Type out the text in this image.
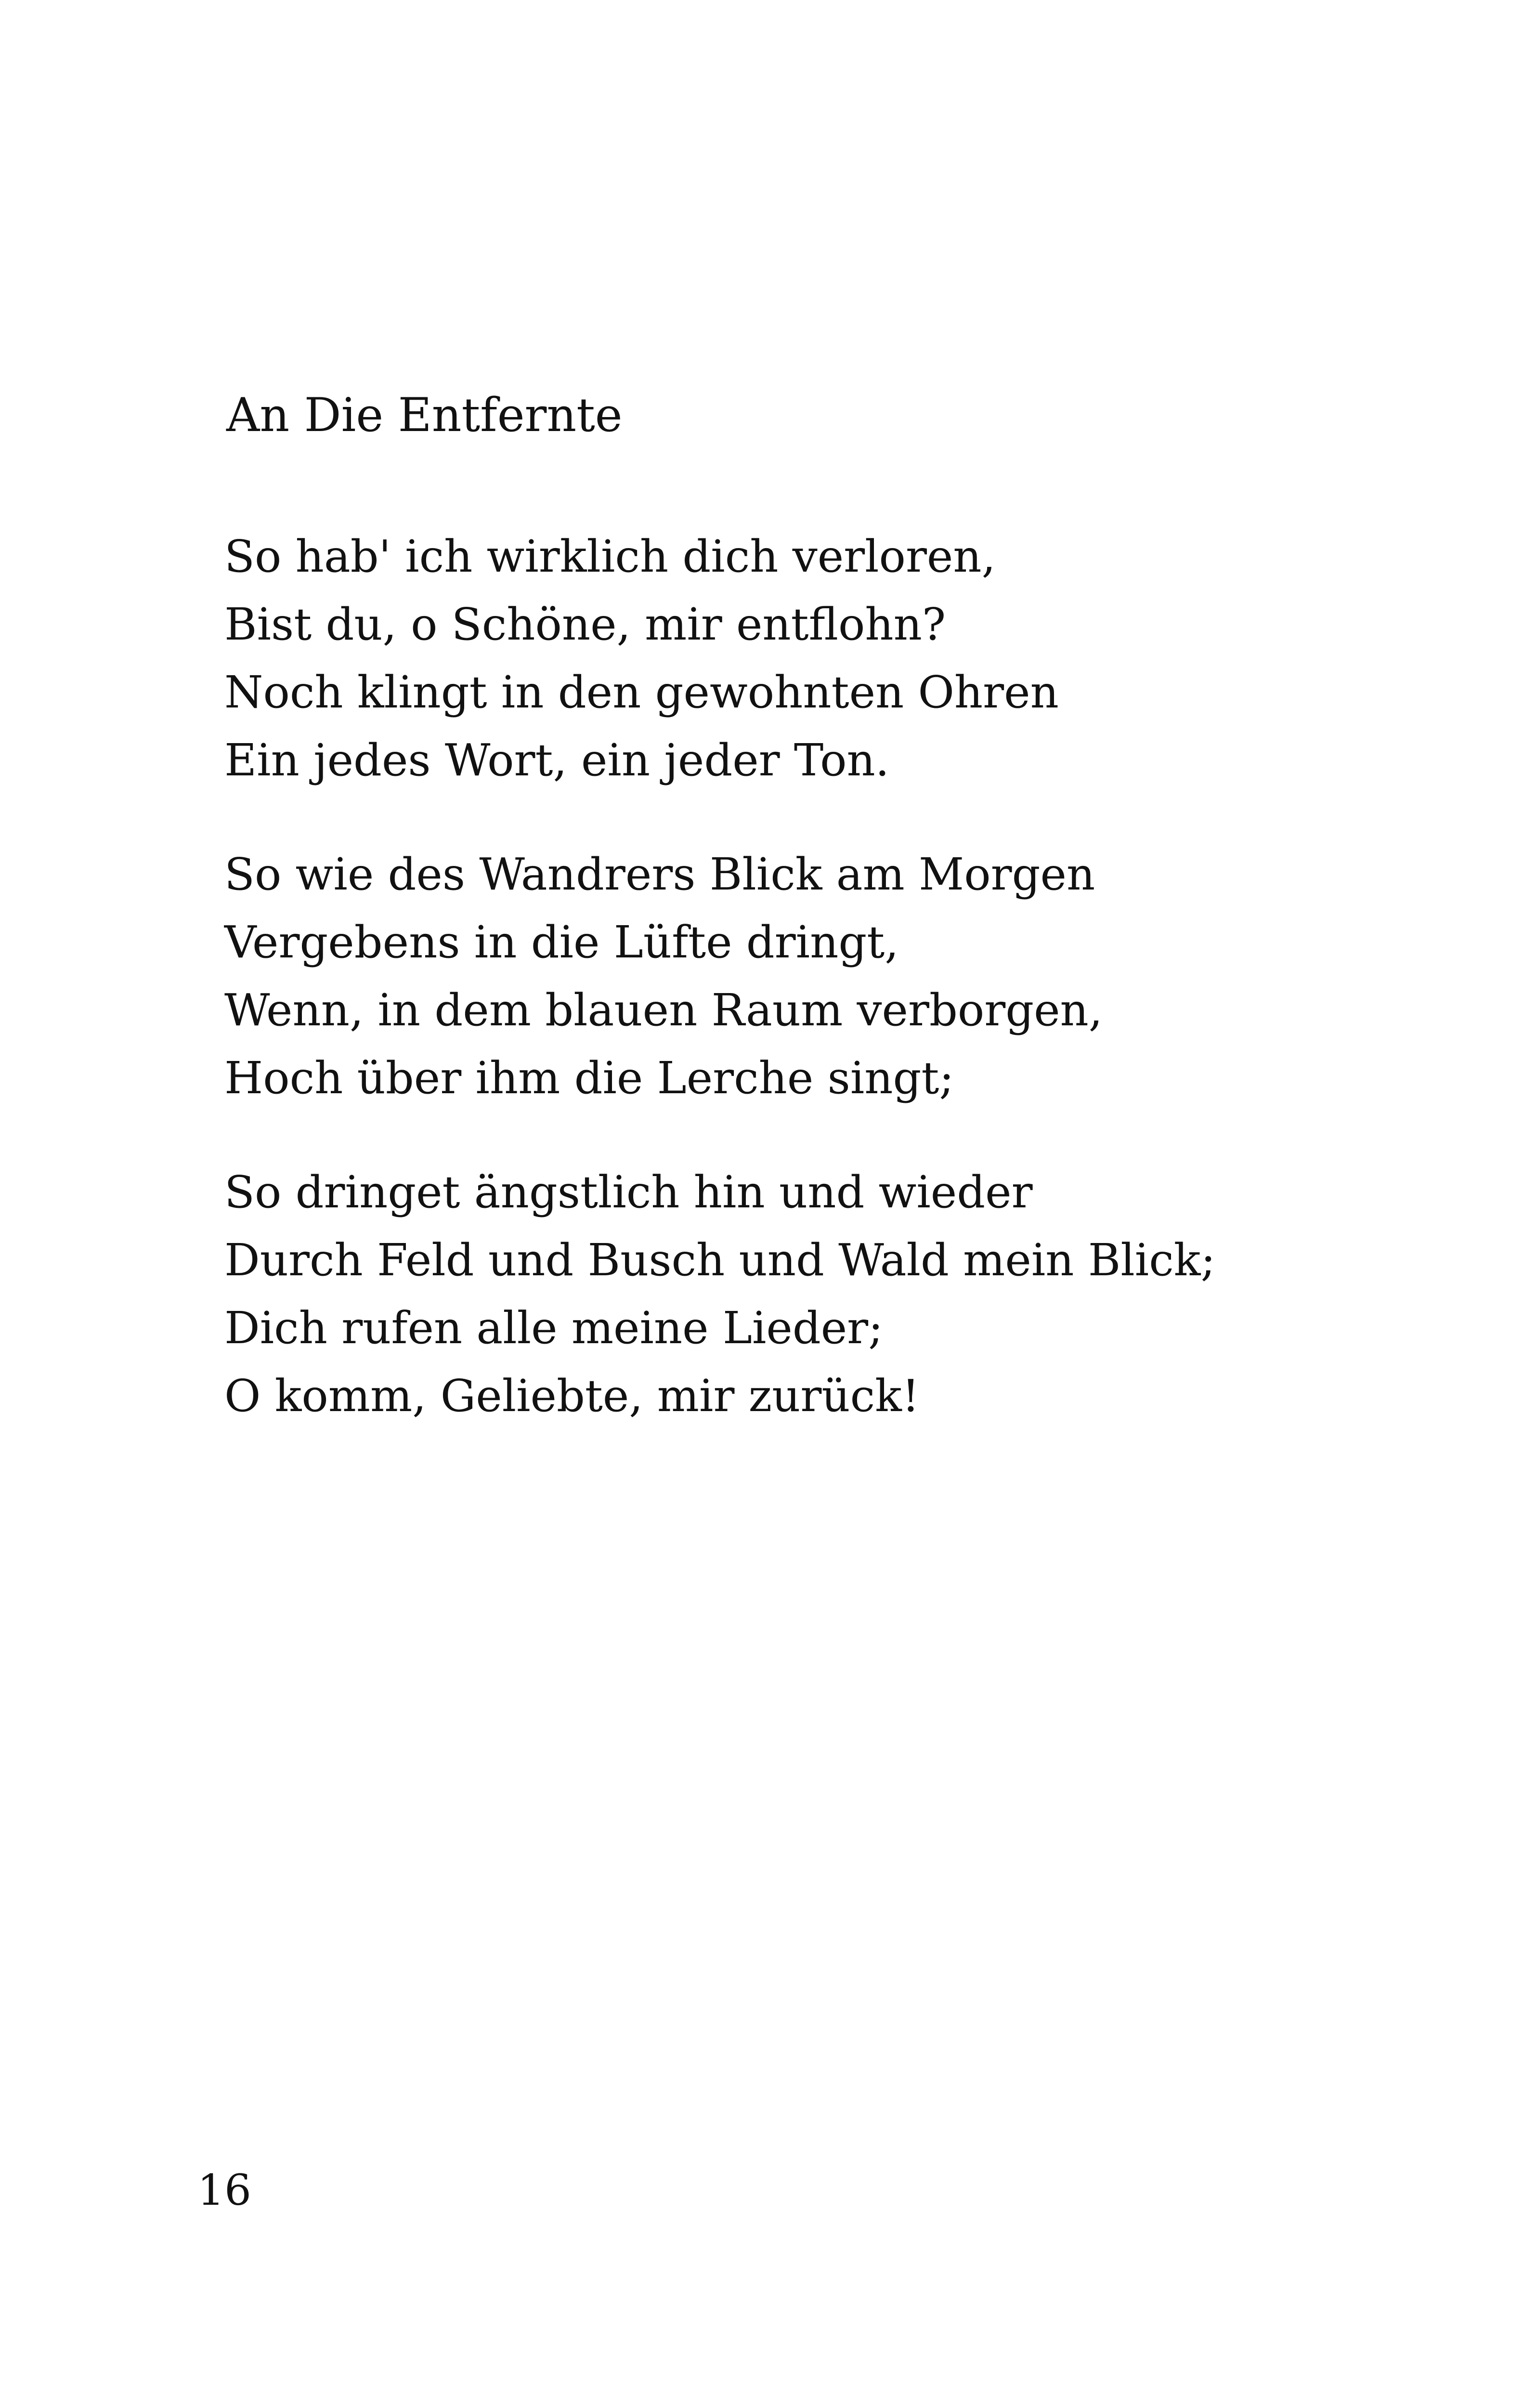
An Die Entfernte
So hab' ich wirklich dich verloren,
Bist du, o Schöne, mir entflohn?
Noch klingt in den gewohnten Ohren
Ein jedes Wort, ein jeder Ton.
So wie des Wandrers Blick am Morgen
Vergebens in die Lüfte dringt,
Wenn, in dem blauen Raum verborgen,
Hoch über ihm die Lerche singt;
So dringet ängstlich hin und wieder
Durch Feld und Busch und Wald mein Blick;
Dich rufen alle meine Lieder;
O komm, Geliebte, mir zurück!
16
